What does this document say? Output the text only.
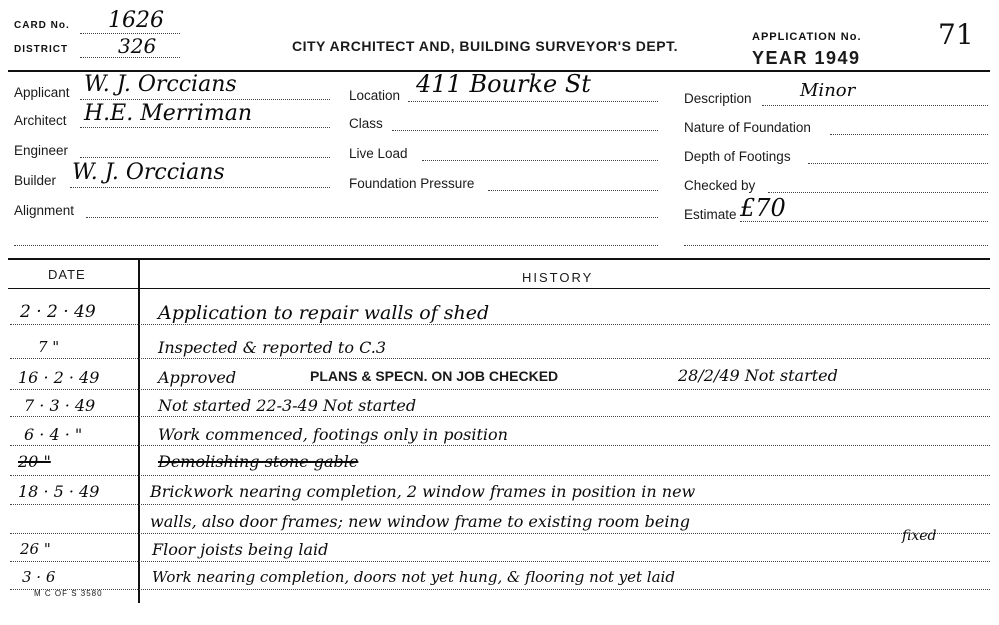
CARD No. 1626
DISTRICT 326	CITY ARCHITECT AND, BUILDING SURVEYOR'S DEPT.
APPLICATION No.
YEAR 1949
71
Applicant W. J. Orccians
Architect H.E. Merriman
Engineer
Builder W. J. Orccians
Alignment
Location 411 Bourke St
Class
Live Load
Foundation Pressure
Description	Minor
Nature of Foundation
Depth of Footings
Checked by
Estimate £70
DATE	HISTORY
2 · 2 · 49	Application to repair walls of shed
7 "	Inspected & reported to C.3
16 · 2 · 49	Approved	PLANS & SPECN. ON JOB CHECKED	28/2/49 Not started
7 · 3 · 49	Not started 22-3-49 Not started
6 · 4 · "	Work commenced, footings only in position
20 "	Demolishing stone gable
18 · 5 · 49	Brickwork nearing completion, 2 window frames in position in new
walls, also door frames; new window frame to existing room being
fixed
26 "	Floor joists being laid
3 · 6	Work nearing completion, doors not yet hung, & flooring not yet laid
M C OF S 3580
